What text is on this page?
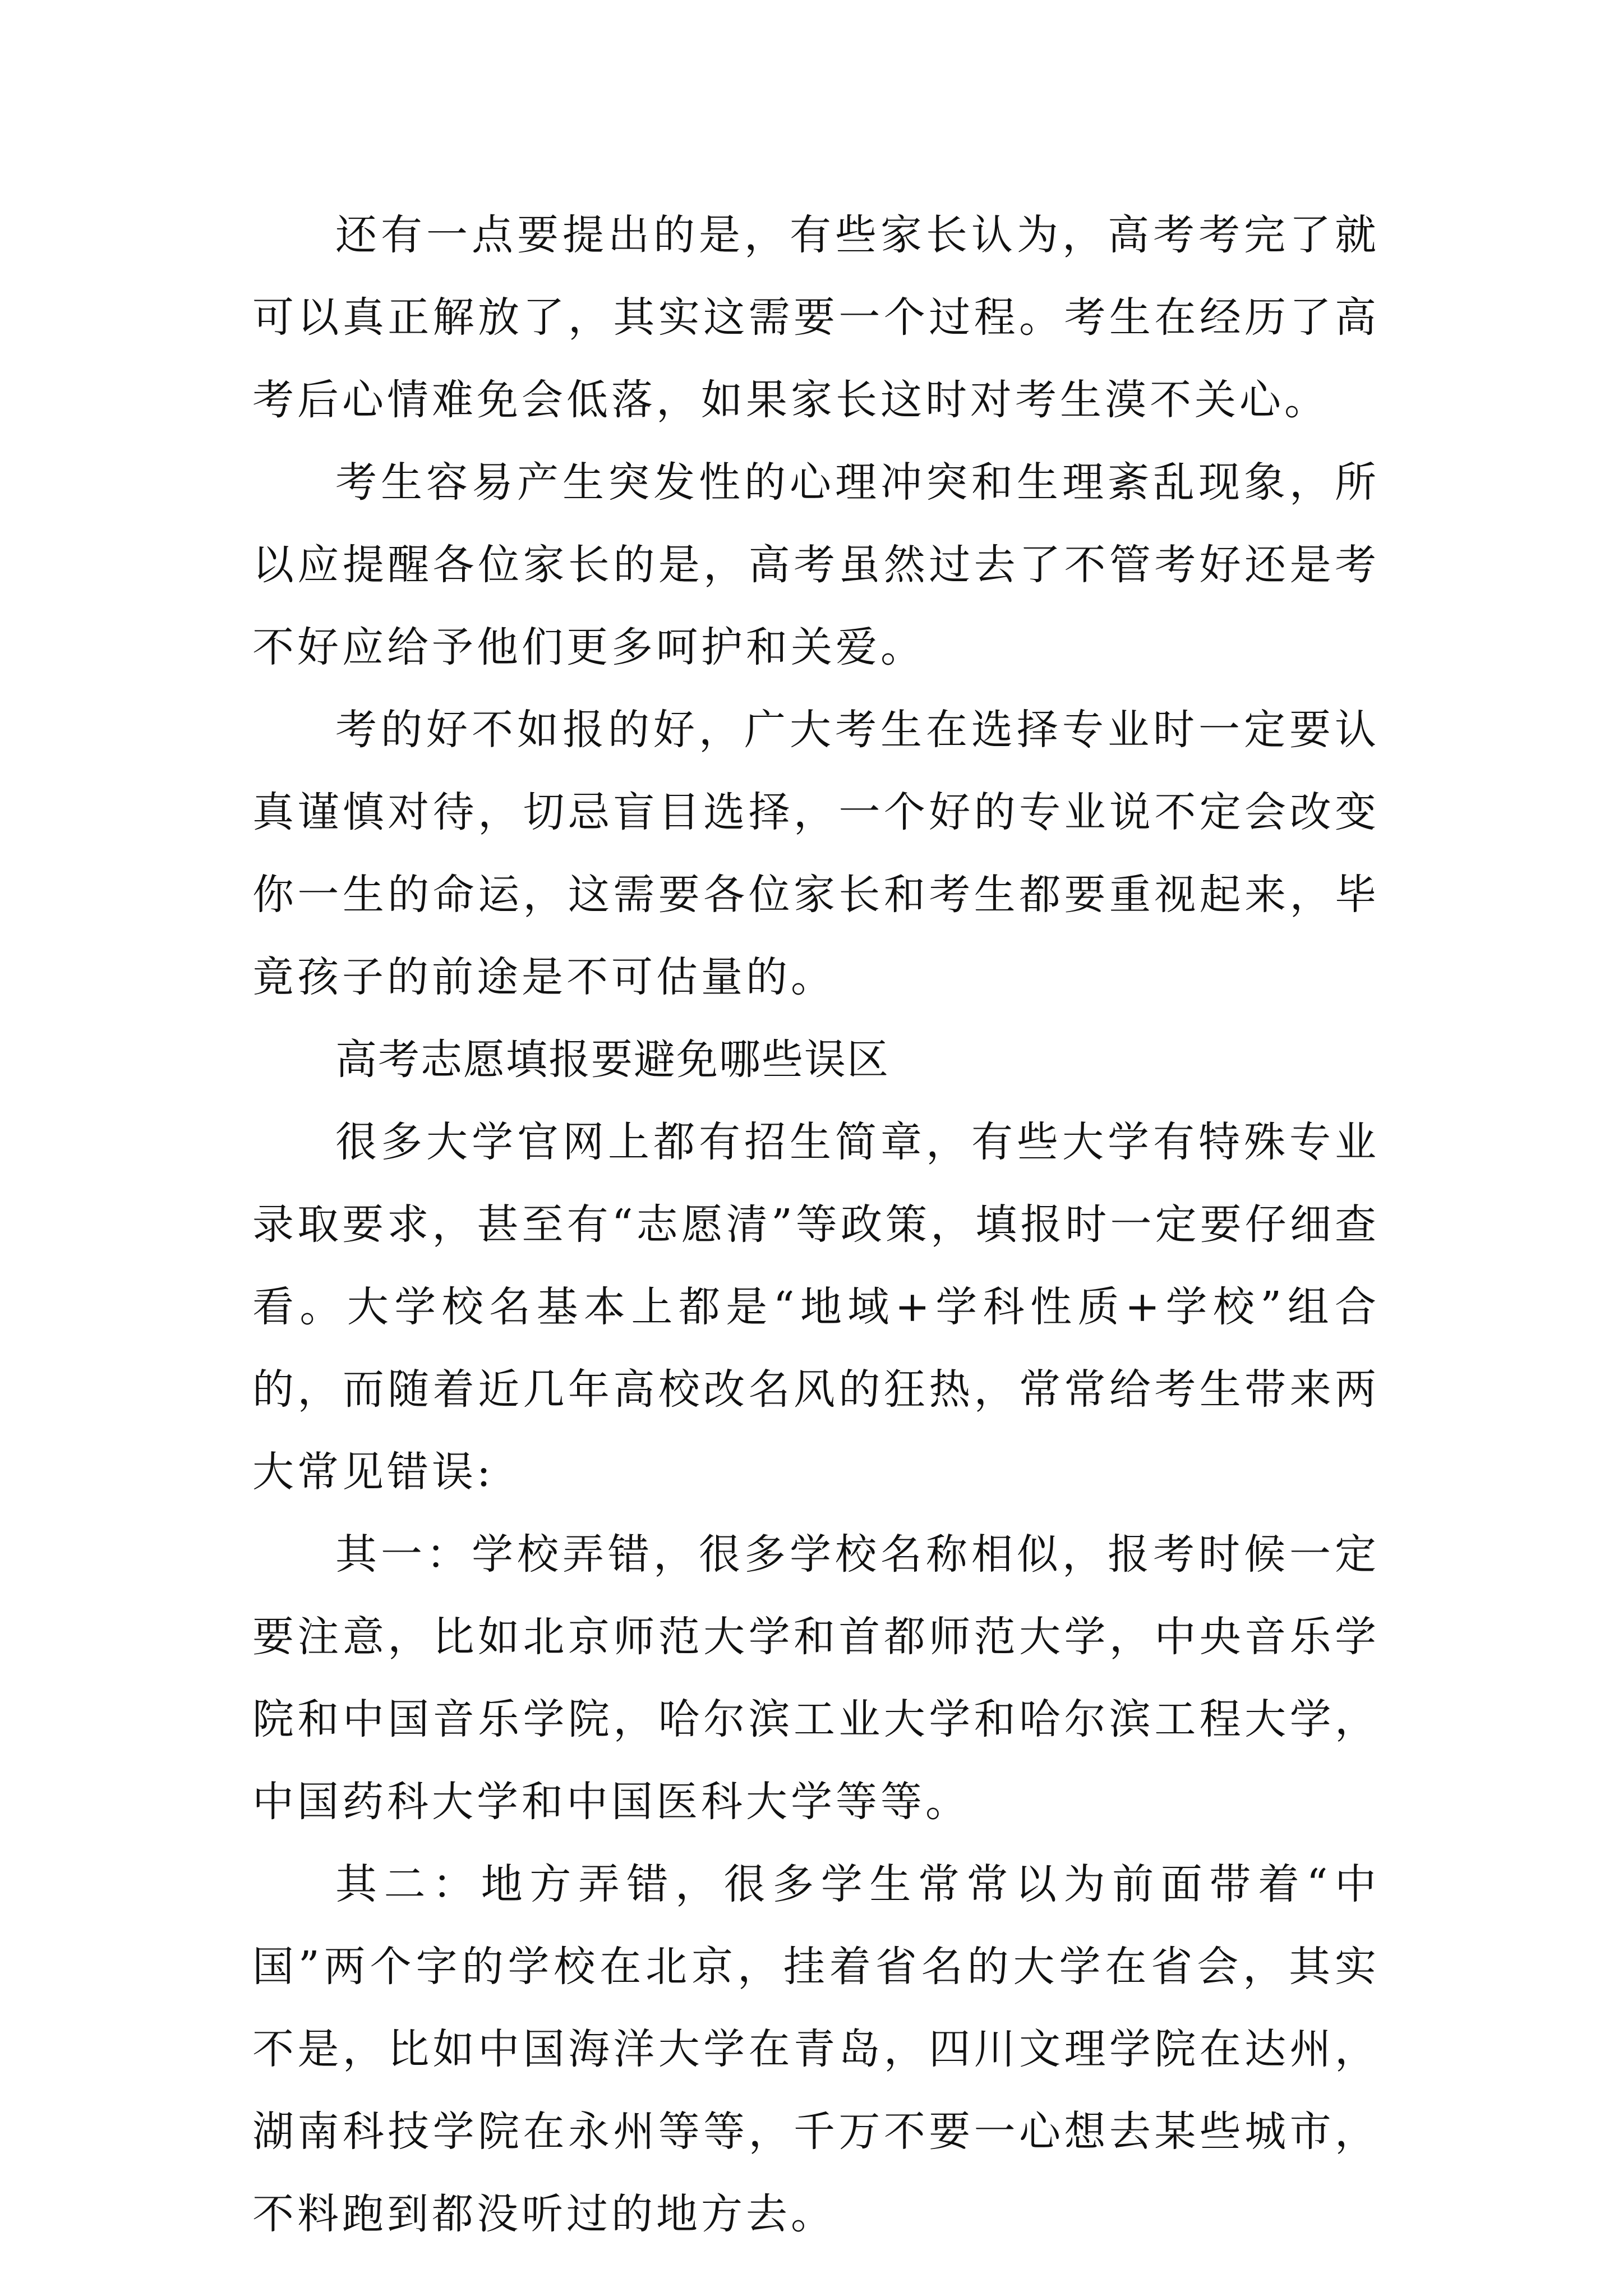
还有一点要提出的是，有些家长认为，高考考完了就可以真正解放了，其实这需要一个过程。考生在经历了高考后心情难免会低落，如果家长这时对考生漠不关心。

考生容易产生突发性的心理冲突和生理紊乱现象，所以应提醒各位家长的是，高考虽然过去了不管考好还是考不好应给予他们更多呵护和关爱。

考的好不如报的好，广大考生在选择专业时一定要认真谨慎对待，切忌盲目选择，一个好的专业说不定会改变你一生的命运，这需要各位家长和考生都要重视起来，毕竟孩子的前途是不可估量的。

高考志愿填报要避免哪些误区

很多大学官网上都有招生简章，有些大学有特殊专业录取要求，甚至有“志愿清”等政策，填报时一定要仔细查看。大学校名基本上都是“地域+学科性质+学校”组合的，而随着近几年高校改名风的狂热，常常给考生带来两大常见错误:

其一：学校弄错，很多学校名称相似，报考时候一定要注意，比如北京师范大学和首都师范大学，中央音乐学院和中国音乐学院，哈尔滨工业大学和哈尔滨工程大学，中国药科大学和中国医科大学等等。

其二：地方弄错，很多学生常常以为前面带着“中国”两个字的学校在北京，挂着省名的大学在省会，其实不是，比如中国海洋大学在青岛，四川文理学院在达州，湖南科技学院在永州等等，千万不要一心想去某些城市，不料跑到都没听过的地方去。
